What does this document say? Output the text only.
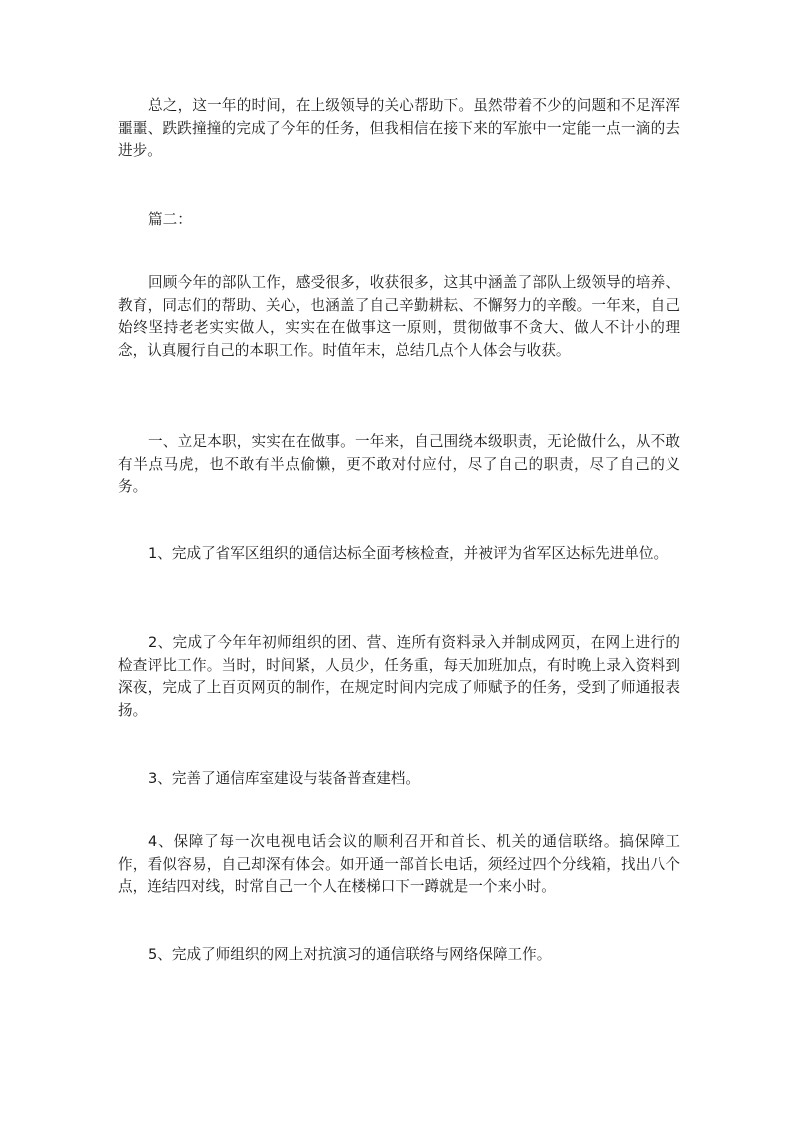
总之，这一年的时间，在上级领导的关心帮助下。虽然带着不少的问题和不足浑浑噩噩、跌跌撞撞的完成了今年的任务，但我相信在接下来的军旅中一定能一点一滴的去进步。

篇二：

回顾今年的部队工作，感受很多，收获很多，这其中涵盖了部队上级领导的培养、教育，同志们的帮助、关心，也涵盖了自己辛勤耕耘、不懈努力的辛酸。一年来，自己始终坚持老老实实做人，实实在在做事这一原则，贯彻做事不贪大、做人不计小的理念，认真履行自己的本职工作。时值年末，总结几点个人体会与收获。

一、立足本职，实实在在做事。一年来，自己围绕本级职责，无论做什么，从不敢有半点马虎，也不敢有半点偷懒，更不敢对付应付，尽了自己的职责，尽了自己的义务。

1、完成了省军区组织的通信达标全面考核检查，并被评为省军区达标先进单位。

2、完成了今年年初师组织的团、营、连所有资料录入并制成网页，在网上进行的检查评比工作。当时，时间紧，人员少，任务重，每天加班加点，有时晚上录入资料到深夜，完成了上百页网页的制作，在规定时间内完成了师赋予的任务，受到了师通报表扬。

3、完善了通信库室建设与装备普查建档。

4、保障了每一次电视电话会议的顺利召开和首长、机关的通信联络。搞保障工作，看似容易，自己却深有体会。如开通一部首长电话，须经过四个分线箱，找出八个点，连结四对线，时常自己一个人在楼梯口下一蹲就是一个来小时。

5、完成了师组织的网上对抗演习的通信联络与网络保障工作。
